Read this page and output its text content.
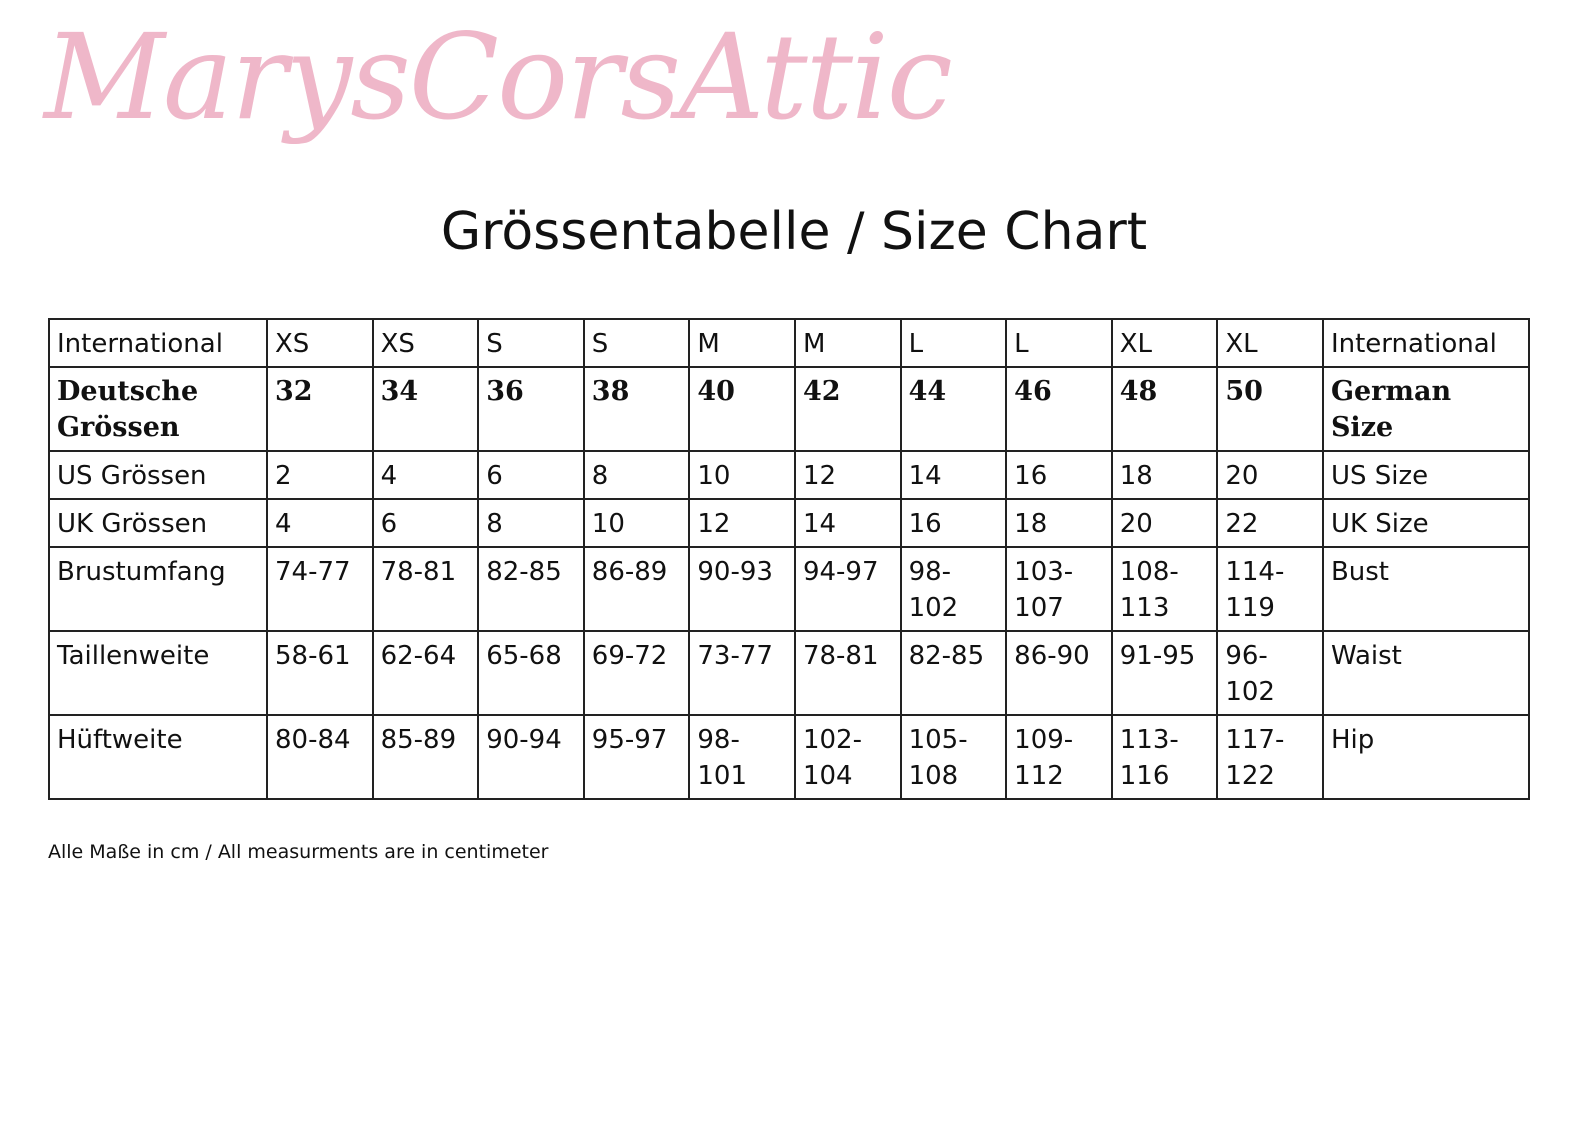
MarysCorsAttic
Grössentabelle / Size Chart
International	XS	XS	S	S	M	M	L	L	XL	XL	International
Deutsche Grössen	32	34	36	38	40	42	44	46	48	50	German Size
US Grössen	2	4	6	8	10	12	14	16	18	20	US Size
UK Grössen	4	6	8	10	12	14	16	18	20	22	UK Size
Brustumfang	74-77	78-81	82-85	86-89	90-93	94-97	98-102	103-107	108-113	114-119	Bust
Taillenweite	58-61	62-64	65-68	69-72	73-77	78-81	82-85	86-90	91-95	96-102	Waist
Hüftweite	80-84	85-89	90-94	95-97	98-101	102-104	105-108	109-112	113-116	117-122	Hip
Alle Maße in cm / All measurments are in centimeter
